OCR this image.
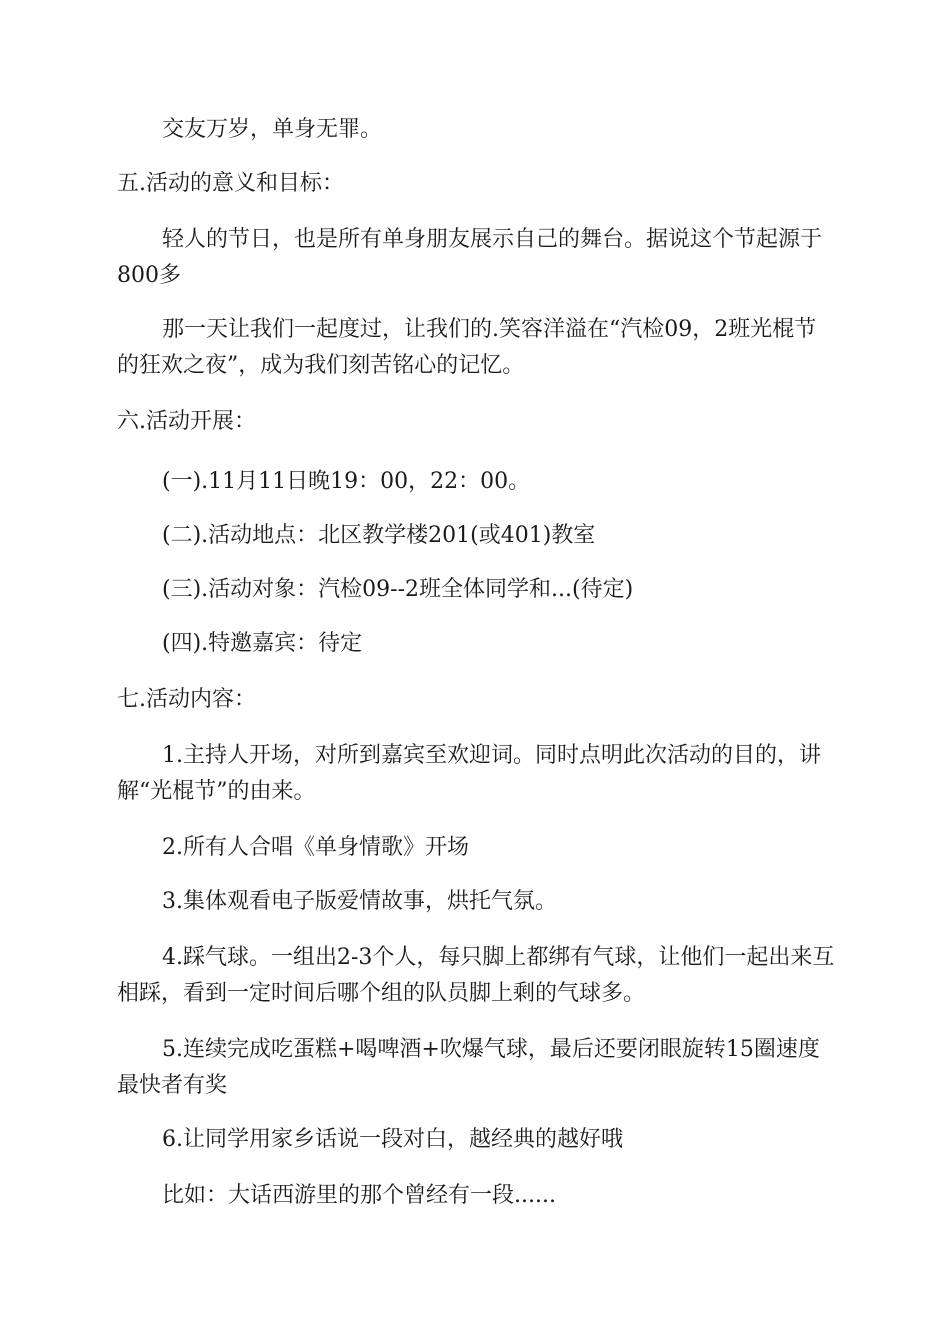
交友万岁，单身无罪。
五.活动的意义和目标：
轻人的节日，也是所有单身朋友展示自己的舞台。据说这个节起源于800多
那一天让我们一起度过，让我们的.笑容洋溢在“汽检09，2班光棍节的狂欢之夜”，成为我们刻苦铭心的记忆。
六.活动开展：
(一).11月11日晚19：00，22：00。
(二).活动地点：北区教学楼201(或401)教室
(三).活动对象：汽检09--2班全体同学和...(待定)
(四).特邀嘉宾：待定
七.活动内容：
1.主持人开场，对所到嘉宾至欢迎词。同时点明此次活动的目的，讲解“光棍节”的由来。
2.所有人合唱《单身情歌》开场
3.集体观看电子版爱情故事，烘托气氛。
4.踩气球。一组出2-3个人，每只脚上都绑有气球，让他们一起出来互相踩，看到一定时间后哪个组的队员脚上剩的气球多。
5.连续完成吃蛋糕+喝啤酒+吹爆气球，最后还要闭眼旋转15圈速度最快者有奖
6.让同学用家乡话说一段对白，越经典的越好哦
比如：大话西游里的那个曾经有一段......
